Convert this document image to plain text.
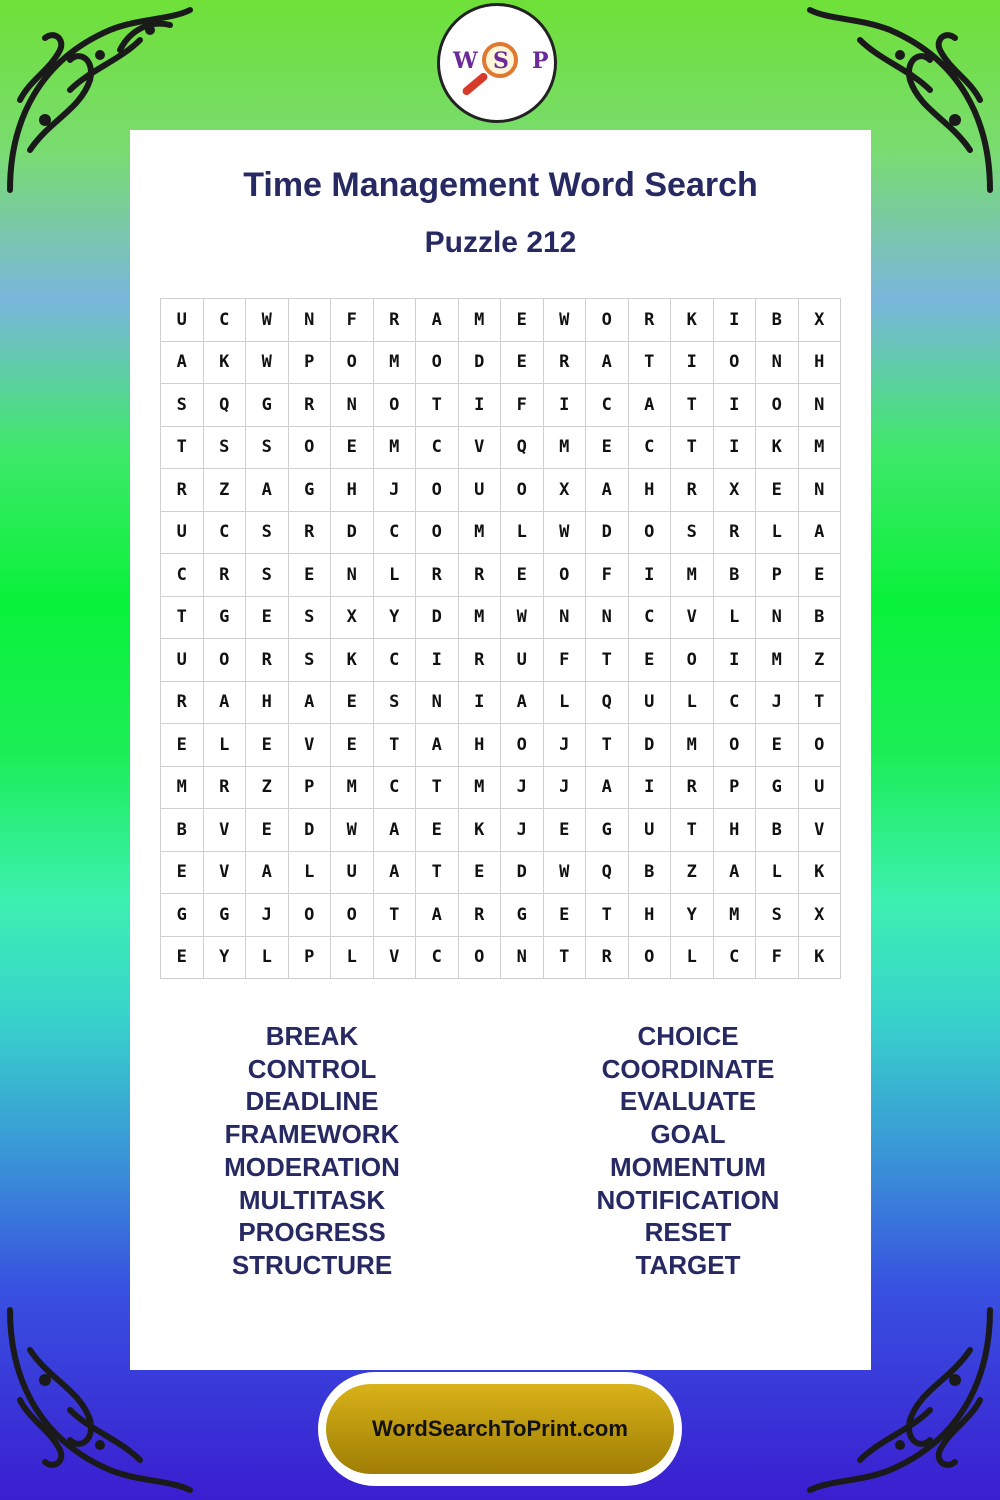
W S P
Time Management Word Search
Puzzle 212
U	C	W	N	F	R	A	M	E	W	O	R	K	I	B	X
A	K	W	P	O	M	O	D	E	R	A	T	I	O	N	H
S	Q	G	R	N	O	T	I	F	I	C	A	T	I	O	N
T	S	S	O	E	M	C	V	Q	M	E	C	T	I	K	M
R	Z	A	G	H	J	O	U	O	X	A	H	R	X	E	N
U	C	S	R	D	C	O	M	L	W	D	O	S	R	L	A
C	R	S	E	N	L	R	R	E	O	F	I	M	B	P	E
T	G	E	S	X	Y	D	M	W	N	N	C	V	L	N	B
U	O	R	S	K	C	I	R	U	F	T	E	O	I	M	Z
R	A	H	A	E	S	N	I	A	L	Q	U	L	C	J	T
E	L	E	V	E	T	A	H	O	J	T	D	M	O	E	O
M	R	Z	P	M	C	T	M	J	J	A	I	R	P	G	U
B	V	E	D	W	A	E	K	J	E	G	U	T	H	B	V
E	V	A	L	U	A	T	E	D	W	Q	B	Z	A	L	K
G	G	J	O	O	T	A	R	G	E	T	H	Y	M	S	X
E	Y	L	P	L	V	C	O	N	T	R	O	L	C	F	K
BREAK
CONTROL
DEADLINE
FRAMEWORK
MODERATION
MULTITASK
PROGRESS
STRUCTURE
CHOICE
COORDINATE
EVALUATE
GOAL
MOMENTUM
NOTIFICATION
RESET
TARGET
WordSearchToPrint.com
